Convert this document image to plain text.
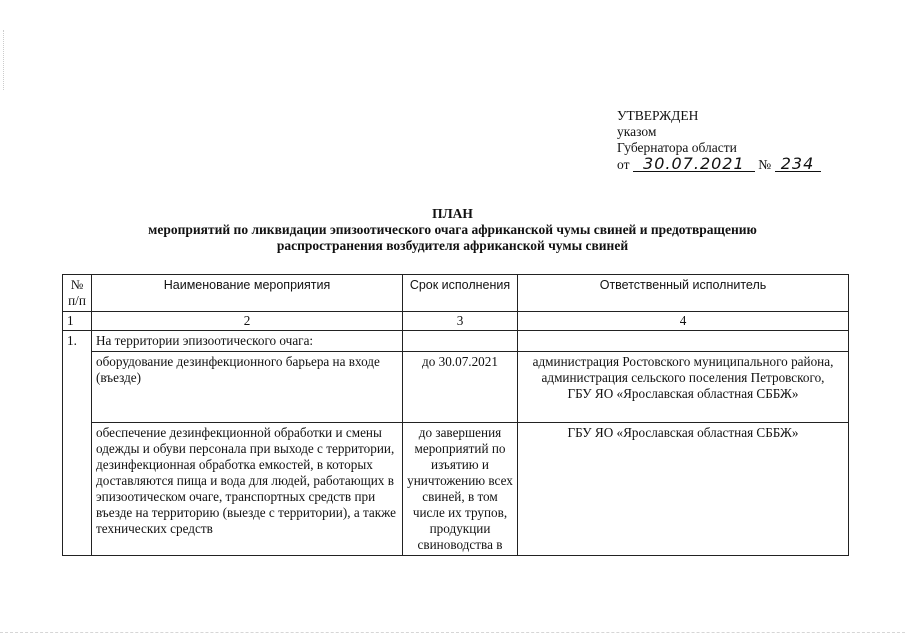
УТВЕРЖДЕН
указом
Губернатора области
от 30.07.2021 № 234
ПЛАН
мероприятий по ликвидации эпизоотического очага африканской чумы свиней и предотвращению
распространения возбудителя африканской чумы свиней
№ п/п	Наименование мероприятия	Срок исполнения	Ответственный исполнитель
1	2	3	4
1.	На территории эпизоотического очага:		
	оборудование дезинфекционного барьера на входе (въезде)	до 30.07.2021	администрация Ростовского муниципального района, администрация сельского поселения Петровского, ГБУ ЯО «Ярославская областная СББЖ»
	обеспечение дезинфекционной обработки и смены одежды и обуви персонала при выходе с территории, дезинфекционная обработка емкостей, в которых доставляются пища и вода для людей, работающих в эпизоотическом очаге, транспортных средств при въезде на территорию (выезде с территории), а также технических средств	до завершения мероприятий по изъятию и уничтожению всех свиней, в том числе их трупов, продукции свиноводства в	ГБУ ЯО «Ярославская областная СББЖ»
